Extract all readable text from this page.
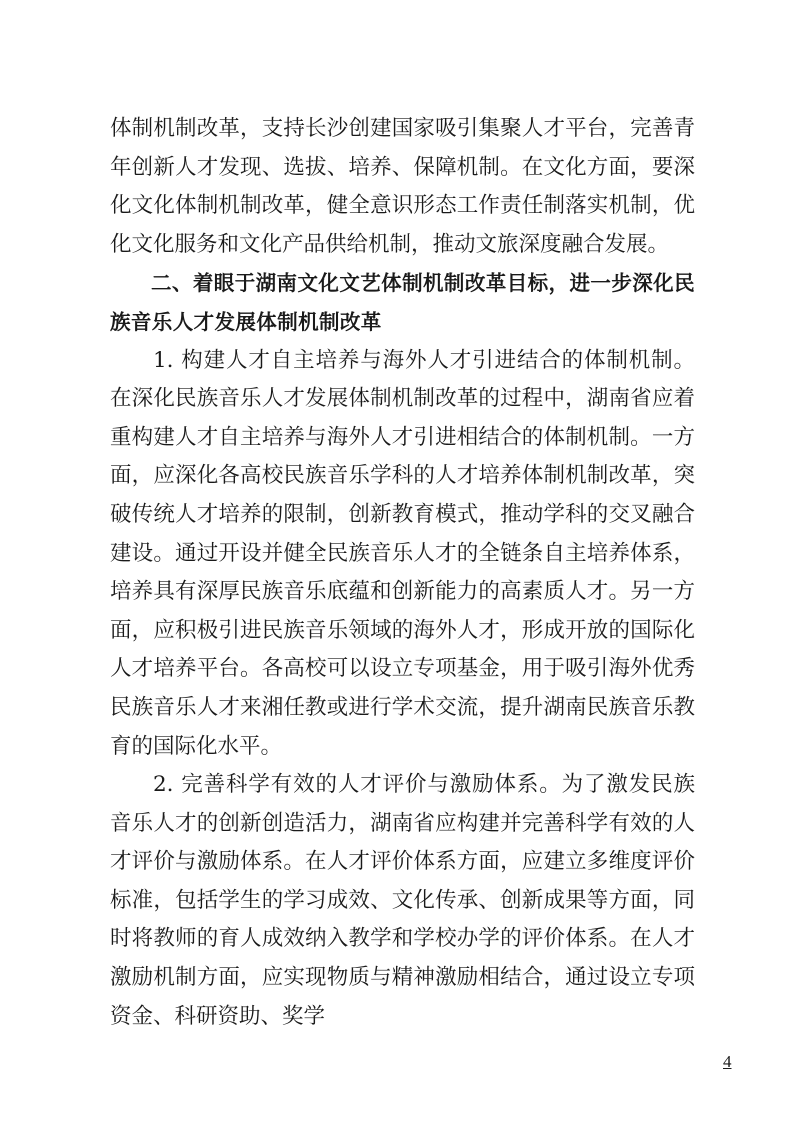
体制机制改革，支持长沙创建国家吸引集聚人才平台，完善青年创新人才发现、选拔、培养、保障机制。在文化方面，要深化文化体制机制改革，健全意识形态工作责任制落实机制，优化文化服务和文化产品供给机制，推动文旅深度融合发展。

二、着眼于湖南文化文艺体制机制改革目标，进一步深化民族音乐人才发展体制机制改革

1. 构建人才自主培养与海外人才引进结合的体制机制。在深化民族音乐人才发展体制机制改革的过程中，湖南省应着重构建人才自主培养与海外人才引进相结合的体制机制。一方面，应深化各高校民族音乐学科的人才培养体制机制改革，突破传统人才培养的限制，创新教育模式，推动学科的交叉融合建设。通过开设并健全民族音乐人才的全链条自主培养体系，培养具有深厚民族音乐底蕴和创新能力的高素质人才。另一方面，应积极引进民族音乐领域的海外人才，形成开放的国际化人才培养平台。各高校可以设立专项基金，用于吸引海外优秀民族音乐人才来湘任教或进行学术交流，提升湖南民族音乐教育的国际化水平。

2. 完善科学有效的人才评价与激励体系。为了激发民族音乐人才的创新创造活力，湖南省应构建并完善科学有效的人才评价与激励体系。在人才评价体系方面，应建立多维度评价标准，包括学生的学习成效、文化传承、创新成果等方面，同时将教师的育人成效纳入教学和学校办学的评价体系。在人才激励机制方面，应实现物质与精神激励相结合，通过设立专项资金、科研资助、奖学

4
